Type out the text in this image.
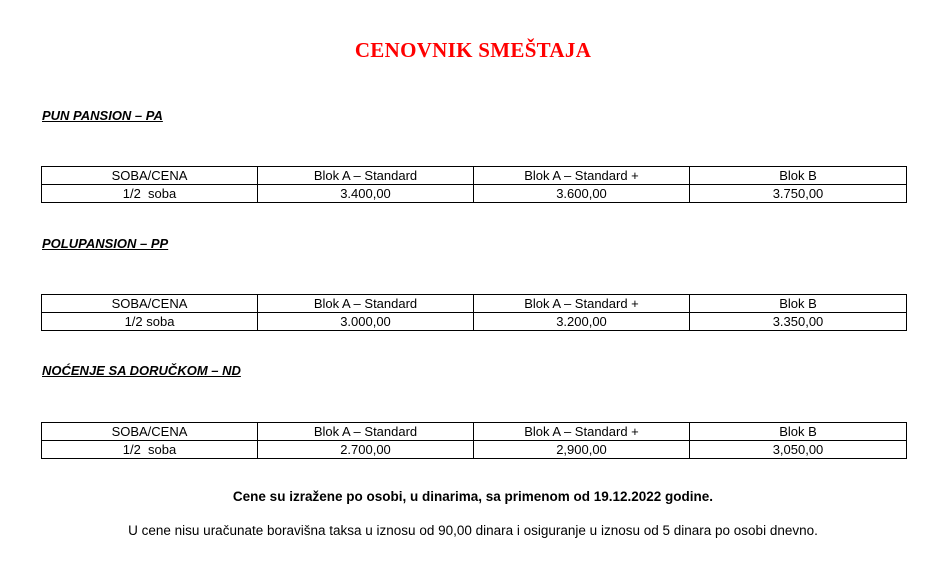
CENOVNIK SMEŠTAJA
PUN PANSION – PA
SOBA/CENA	Blok A – Standard	Blok A – Standard +	Blok B
1/2  soba	3.400,00	3.600,00	3.750,00
POLUPANSION – PP
SOBA/CENA	Blok A – Standard	Blok A – Standard +	Blok B
1/2 soba	3.000,00	3.200,00	3.350,00
NOĆENJE SA DORUČKOM – ND
SOBA/CENA	Blok A – Standard	Blok A – Standard +	Blok B
1/2  soba	2.700,00	2,900,00	3,050,00
Cene su izražene po osobi, u dinarima, sa primenom od 19.12.2022 godine.
U cene nisu uračunate boravišna taksa u iznosu od 90,00 dinara i osiguranje u iznosu od 5 dinara po osobi dnevno.
